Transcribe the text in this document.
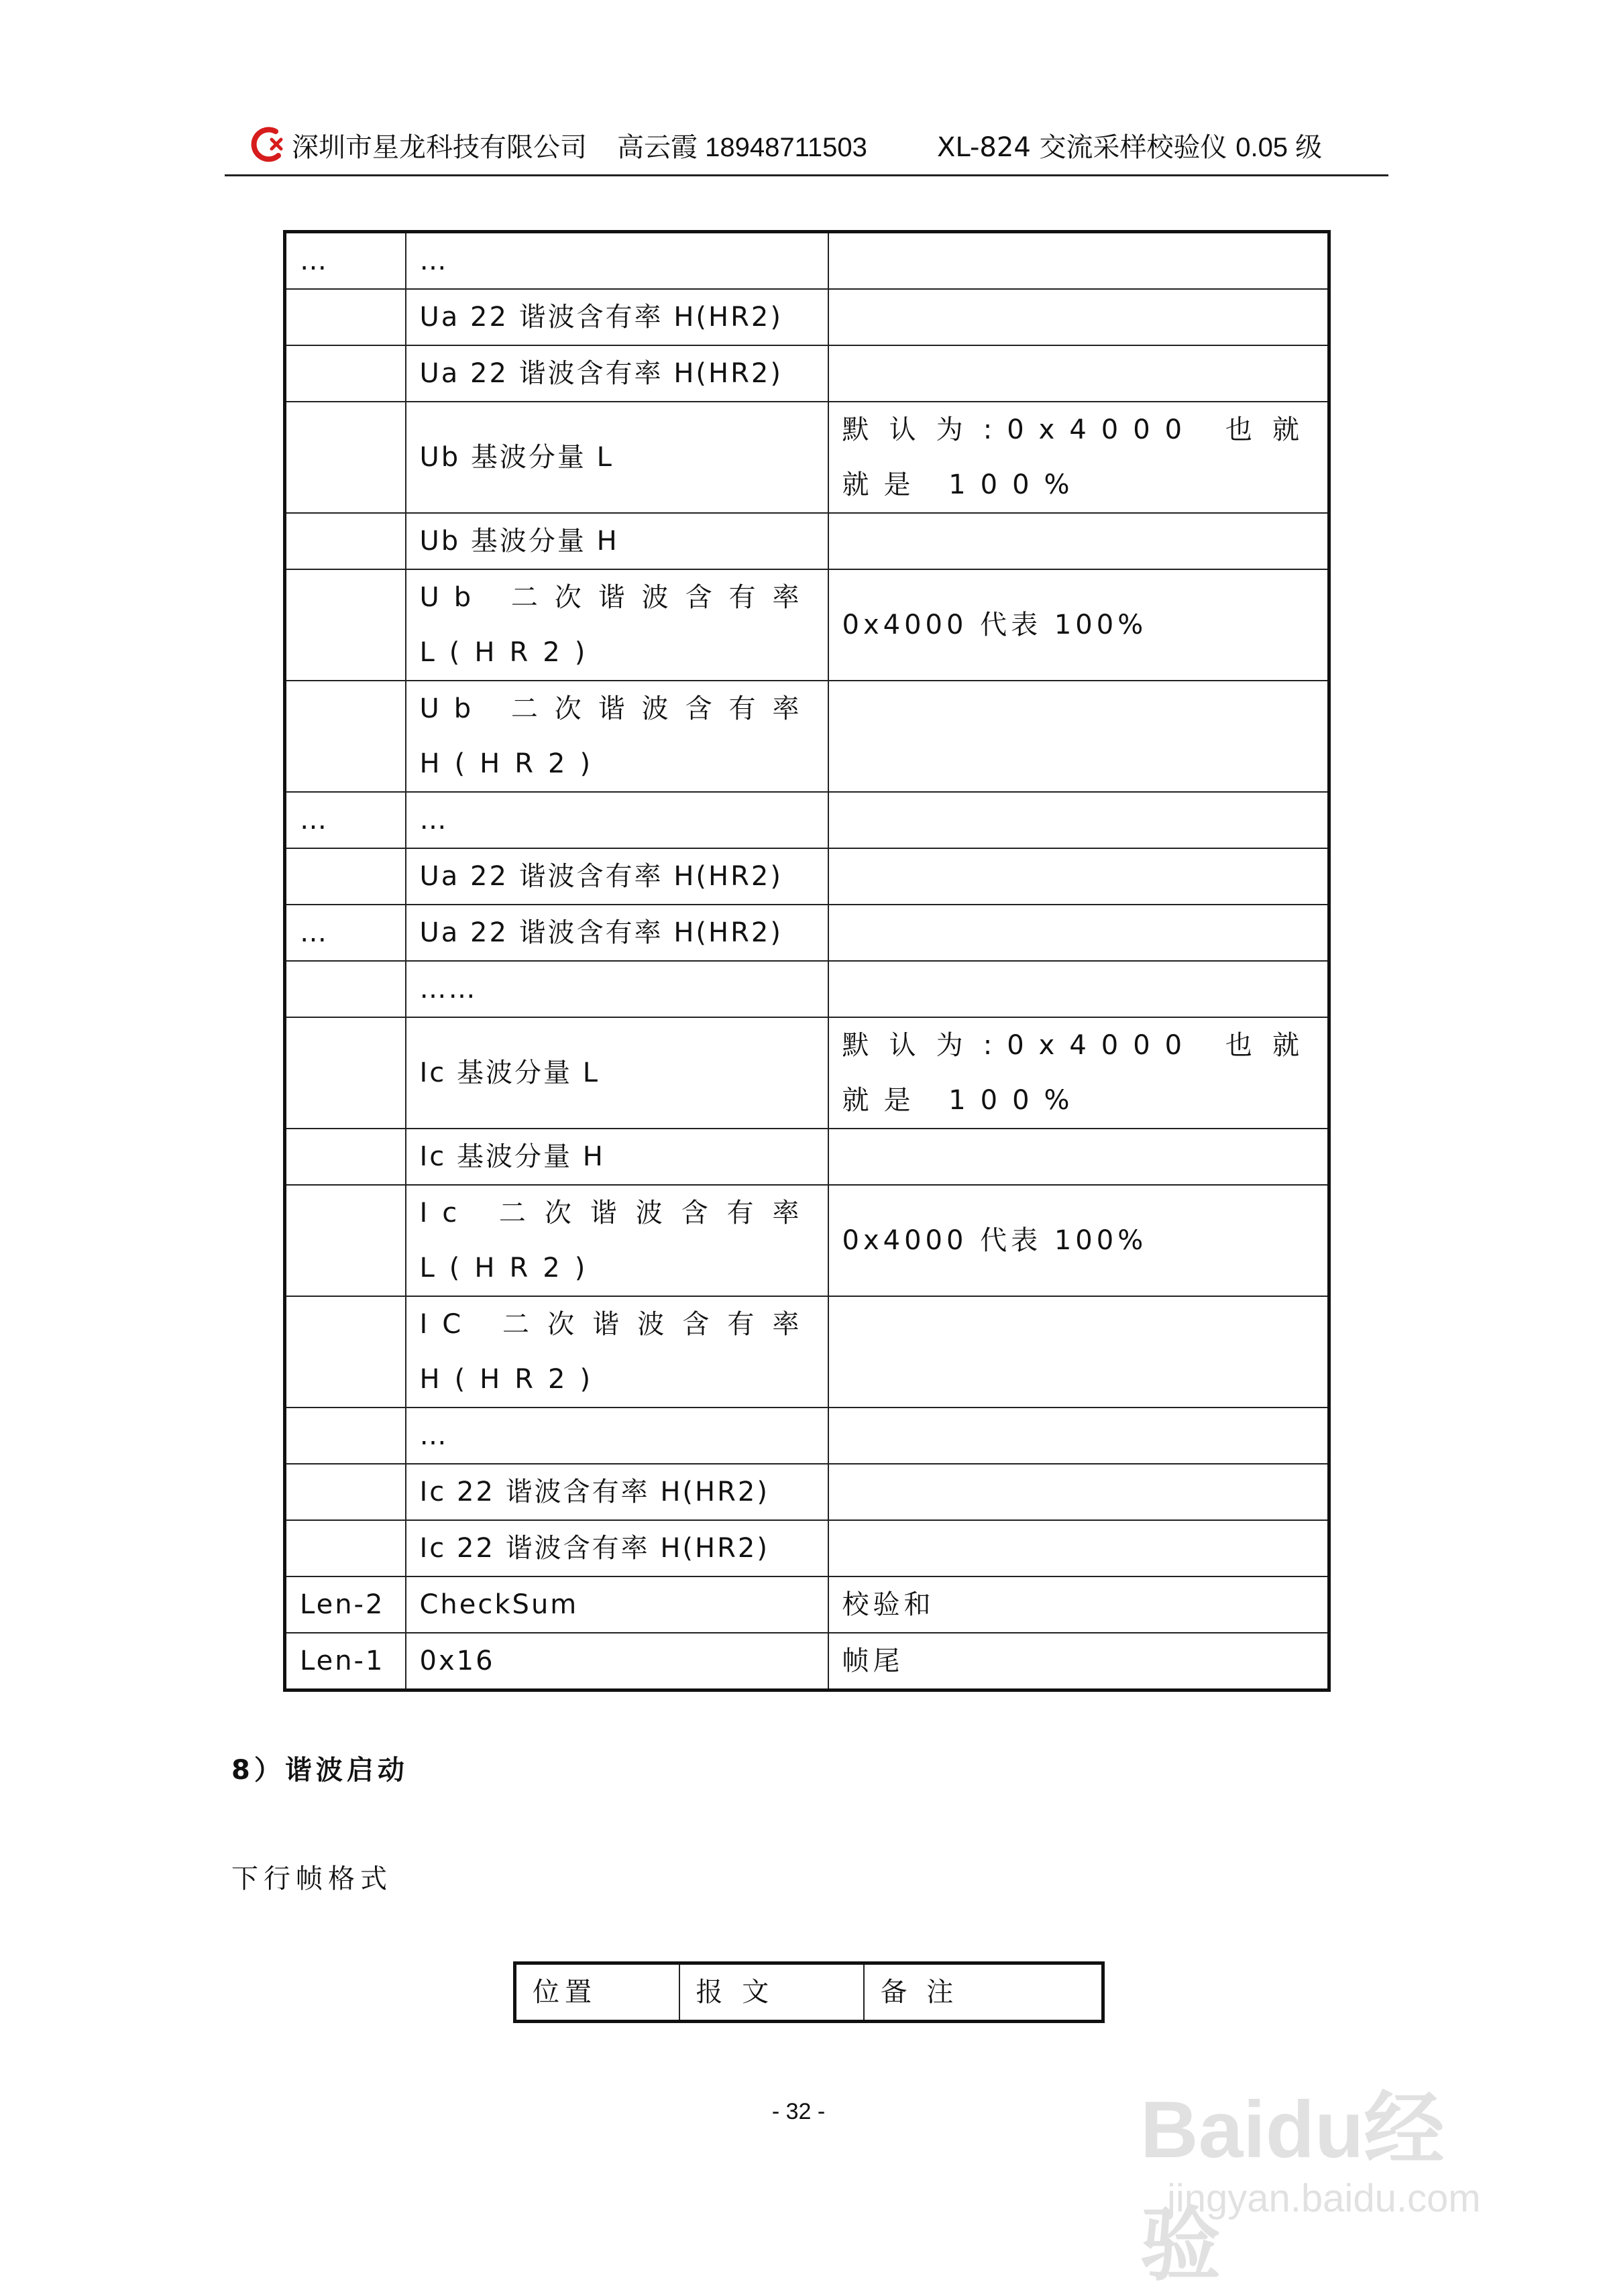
深圳市星龙科技有限公司 高云霞 18948711503	XL-824 交流采样校验仪 0.05 级
…	…	
	Ua 22 谐波含有率 H(HR2)	
	Ua 22 谐波含有率 H(HR2)	
	Ub 基波分量 L	默认为:0x4000 也就就是 100%
	Ub 基波分量 H	
	Ub 二次谐波含有率 L(HR2)	0x4000 代表 100%
	Ub 二次谐波含有率 H(HR2)	
…	…	
	Ua 22 谐波含有率 H(HR2)	
…	Ua 22 谐波含有率 H(HR2)	
	……	
	Ic 基波分量 L	默认为:0x4000 也就就是 100%
	Ic 基波分量 H	
	Ic 二次谐波含有率 L(HR2)	0x4000 代表 100%
	IC 二次谐波含有率 H(HR2)	
	…	
	Ic 22 谐波含有率 H(HR2)	
	Ic 22 谐波含有率 H(HR2)	
Len-2	CheckSum	校验和
Len-1	0x16	帧尾
8）谐波启动
下行帧格式
位置	报 文	备 注
- 32 -	Baidu经验
jingyan.baidu.com
